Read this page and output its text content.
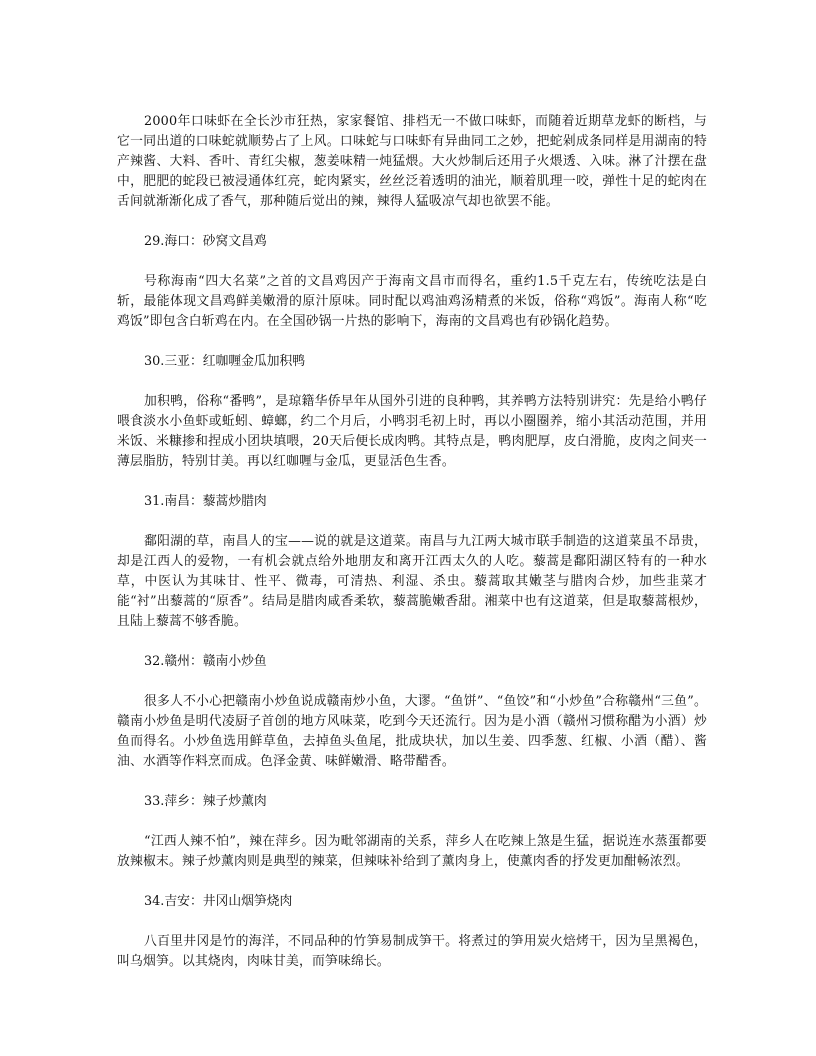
2000年口味虾在全长沙市狂热，家家餐馆、排档无一不做口味虾，而随着近期草龙虾的断档，与它一同出道的口味蛇就顺势占了上风。口味蛇与口味虾有异曲同工之妙，把蛇剁成条同样是用湖南的特产辣酱、大料、香叶、青红尖椒，葱姜味精一炖猛煨。大火炒制后还用子火煨透、入味。淋了汁摆在盘中，肥肥的蛇段已被浸通体红亮，蛇肉紧实，丝丝泛着透明的油光，顺着肌理一咬，弹性十足的蛇肉在舌间就渐渐化成了香气，那种随后觉出的辣，辣得人猛吸凉气却也欲罢不能。

29.海口：砂窝文昌鸡

号称海南“四大名菜”之首的文昌鸡因产于海南文昌市而得名，重约1.5千克左右，传统吃法是白斩，最能体现文昌鸡鲜美嫩滑的原汁原味。同时配以鸡油鸡汤精煮的米饭，俗称“鸡饭”。海南人称“吃鸡饭”即包含白斩鸡在内。在全国砂锅一片热的影响下，海南的文昌鸡也有砂锅化趋势。

30.三亚：红咖喱金瓜加积鸭

加积鸭，俗称“番鸭”，是琼籍华侨早年从国外引进的良种鸭，其养鸭方法特别讲究：先是给小鸭仔喂食淡水小鱼虾或蚯蚓、蟑螂，约二个月后，小鸭羽毛初上时，再以小圈圈养，缩小其活动范围，并用米饭、米糠掺和捏成小团块填喂，20天后便长成肉鸭。其特点是，鸭肉肥厚，皮白滑脆，皮肉之间夹一薄层脂肪，特别甘美。再以红咖喱与金瓜，更显活色生香。

31.南昌：藜蒿炒腊肉

鄱阳湖的草，南昌人的宝——说的就是这道菜。南昌与九江两大城市联手制造的这道菜虽不昂贵，却是江西人的爱物，一有机会就点给外地朋友和离开江西太久的人吃。藜蒿是鄱阳湖区特有的一种水草，中医认为其味甘、性平、微毒，可清热、利湿、杀虫。藜蒿取其嫩茎与腊肉合炒，加些韭菜才能“衬”出藜蒿的“原香”。结局是腊肉咸香柔软，藜蒿脆嫩香甜。湘菜中也有这道菜，但是取藜蒿根炒，且陆上藜蒿不够香脆。

32.赣州：赣南小炒鱼

很多人不小心把赣南小炒鱼说成赣南炒小鱼，大谬。“鱼饼”、“鱼饺”和“小炒鱼”合称赣州“三鱼”。赣南小炒鱼是明代凌厨子首创的地方风味菜，吃到今天还流行。因为是小酒（赣州习惯称醋为小酒）炒鱼而得名。小炒鱼选用鲜草鱼，去掉鱼头鱼尾，批成块状，加以生姜、四季葱、红椒、小酒（醋）、酱油、水酒等作料烹而成。色泽金黄、味鲜嫩滑、略带醋香。

33.萍乡：辣子炒薰肉

“江西人辣不怕”，辣在萍乡。因为毗邻湖南的关系，萍乡人在吃辣上煞是生猛，据说连水蒸蛋都要放辣椒末。辣子炒薰肉则是典型的辣菜，但辣味补给到了薰肉身上，使薰肉香的抒发更加酣畅浓烈。

34.吉安：井冈山烟笋烧肉

八百里井冈是竹的海洋，不同品种的竹笋易制成笋干。将煮过的笋用炭火焙烤干，因为呈黑褐色，叫乌烟笋。以其烧肉，肉味甘美，而笋味绵长。
